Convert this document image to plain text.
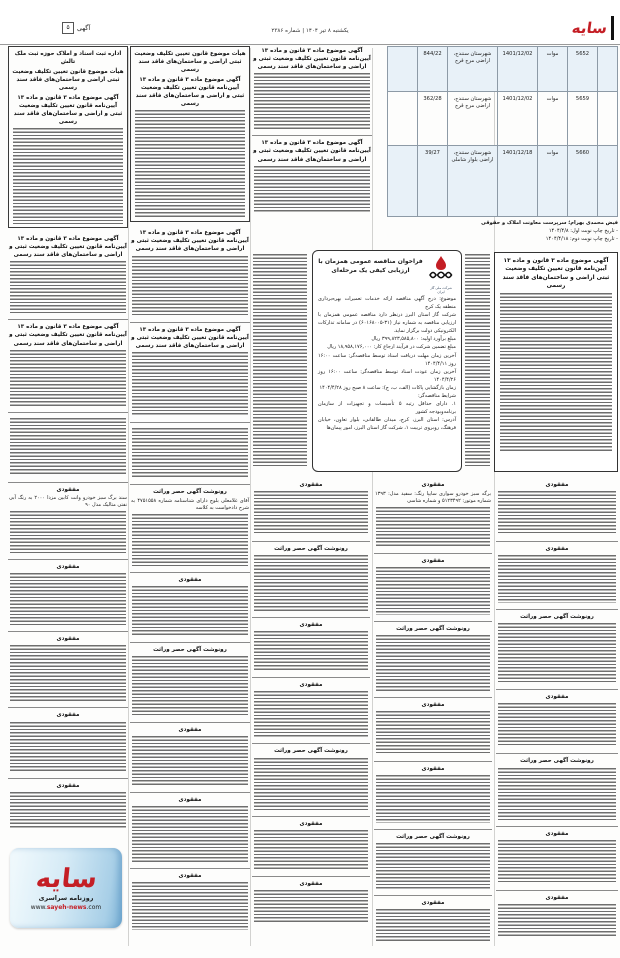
سایه
یکشنبه ۸ تیر ۱۴۰۴ | شماره ۲۳۸۶
آگهی
۵
	5652	موات	1401/12/02	شهرستان سنندج، اراضی مرج قرج	844/22	
	5659	موات	1401/12/02	شهرستان سنندج، اراضی مرج قرج	362/28	
	5660	موات	1401/12/18	شهرستان سنندج، اراضی بلوار شاملی	39/27	
فیض محمدی بهرام؛ سرپرست معاونت املاک و حقوقی
- تاریخ چاپ نوبت اول: ۱۴۰۴/۴/۸
- تاریخ چاپ نوبت دوم: ۱۴۰۴/۴/۱۸
اداره ثبت اسناد و املاک حوزه ثبت ملک تالش
هیأت موضوع قانون تعیین تکلیف وضعیت ثبتی اراضی و ساختمان‌های فاقد سند رسمی
آگهی موضوع ماده ۳ قانون و ماده ۱۳ آیین‌نامه قانون تعیین تکلیف وضعیت ثبتی و اراضی و ساختمان‌های فاقد سند رسمی
آگهی موضوع ماده ۳ قانون و ماده ۱۳ آیین‌نامه قانون تعیین تکلیف وضعیت ثبتی و اراضی و ساختمان‌های فاقد سند رسمی
آگهی موضوع ماده ۳ قانون و ماده ۱۳ آیین‌نامه قانون تعیین تکلیف وضعیت ثبتی و اراضی و ساختمان‌های فاقد سند رسمی
مفقودی
سند برگ سبز خودرو وانت کابین مزدا ۲۰۰۰ به رنگ آبی نفتی متالیک مدل ۹۰
مفقودی
مفقودی
مفقودی
مفقودی
هیأت موضوع قانون تعیین تکلیف وضعیت ثبتی اراضی و ساختمان‌های فاقد سند رسمی
آگهی موضوع ماده ۳ قانون و ماده ۱۳ آیین‌نامه قانون تعیین تکلیف وضعیت ثبتی و اراضی و ساختمان‌های فاقد سند رسمی
آگهی موضوع ماده ۳ قانون و ماده ۱۳ آیین‌نامه قانون تعیین تکلیف وضعیت ثبتی و اراضی و ساختمان‌های فاقد سند رسمی
آگهی موضوع ماده ۳ قانون و ماده ۱۳ آیین‌نامه قانون تعیین تکلیف وضعیت ثبتی و اراضی و ساختمان‌های فاقد سند رسمی
رونوشت آگهی حصر وراثت
آقای غلامعلی بلوچ دارای شناسنامه شماره ۴۷۵۱۵۵۸ به شرح دادخواست به کلاسه
مفقودی
رونوشت آگهی حصر وراثت
مفقودی
مفقودی
مفقودی
آگهی موضوع ماده ۳ قانون و ماده ۱۳ آیین‌نامه قانون تعیین تکلیف وضعیت ثبتی و اراضی و ساختمان‌های فاقد سند رسمی
آگهی موضوع ماده ۳ قانون و ماده ۱۳ آیین‌نامه قانون تعیین تکلیف وضعیت ثبتی و اراضی و ساختمان‌های فاقد سند رسمی
مفقودی
رونوشت آگهی حصر وراثت
مفقودی
مفقودی
رونوشت آگهی حصر وراثت
مفقودی
مفقودی
مفقودی
برگه سبز خودرو سواری سایپا رنگ: سفید مدل: ۱۳۹۳ شماره موتور: ۵۱۲۳۴۹۲ و شماره شاسی
مفقودی
رونوشت آگهی حصر وراثت
مفقودی
مفقودی
رونوشت آگهی حصر وراثت
مفقودی
مفقودی
مفقودی
رونوشت آگهی حصر وراثت
مفقودی
رونوشت آگهی حصر وراثت
مفقودی
مفقودی
شرکت ملی گاز ایران
فراخوان مناقصه عمومی همزمان با
ارزیابی کیفی یک مرحله‌ای
موضوع: درج آگهی مناقصه ارائه خدمات تعمیرات بهره‌برداری منطقه یک کرج
شرکت گاز استان البرز درنظر دارد مناقصه عمومی همزمان با ارزیابی مناقصه به شماره نیاز (۳۱-۶۰۱۶۸۰۰۵) در سامانه تدارکات الکترونیکی دولت برگزار نماید.
مبلغ برآورد اولیه: ۳۹۹,۸۲۳,۵۸۵,۸۰۰ ریال
مبلغ تضمین شرکت در فرآیند ارجاع کار: ۱۸,۹۵۸,۱۷۶,۰۰۰ ریال
آخرین زمان مهلت دریافت اسناد توسط مناقصه‌گر: ساعت ۱۶:۰۰ روز ۱۴۰۴/۴/۱۱
آخرین زمان عودت اسناد توسط مناقصه‌گر: ساعت ۱۶:۰۰ روز ۱۴۰۴/۴/۲۶
زمان بازگشایی پاکات (الف، ب، ج): ساعت ۸ صبح روز ۱۴۰۴/۴/۲۸
شرایط مناقصه‌گر:
۱. دارای حداقل رتبه ۵ تأسیسات و تجهیزات از سازمان برنامه‌وبودجه کشور
آدرس: استان البرز، کرج، میدان طالقانی، بلوار تعاون، خیابان فرهنگ، روبروی تربیت ۱، شرکت گاز استان البرز، امور پیمان‌ها
آگهی موضوع ماده ۳ قانون و ماده ۱۳ آیین‌نامه قانون تعیین تکلیف وضعیت ثبتی اراضی و ساختمان‌های فاقد سند رسمی
سایه
روزنامه سراسری
www.sayeh-news.com
